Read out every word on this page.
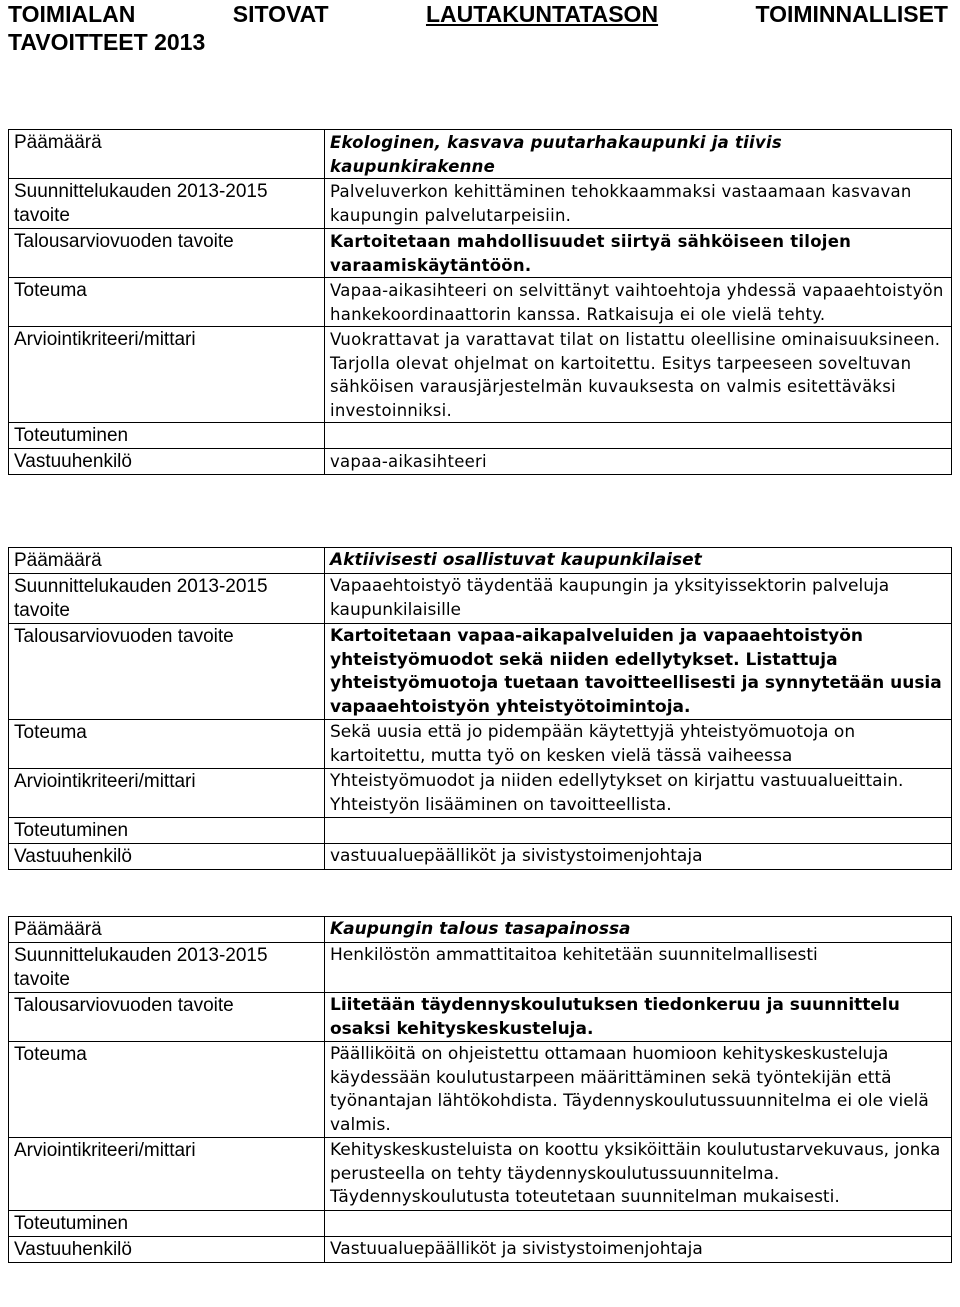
TOIMIALAN	SITOVAT	LAUTAKUNTATASON	TOIMINNALLISET
TAVOITTEET 2013
Päämäärä	Ekologinen, kasvava puutarhakaupunki ja tiivis kaupunkirakenne
Suunnittelukauden 2013-2015 tavoite	Palveluverkon kehittäminen tehokkaammaksi vastaamaan kasvavan kaupungin palvelutarpeisiin.
Talousarviovuoden tavoite	Kartoitetaan mahdollisuudet siirtyä sähköiseen tilojen varaamiskäytäntöön.
Toteuma	Vapaa-aikasihteeri on selvittänyt vaihtoehtoja yhdessä vapaaehtoistyön hankekoordinaattorin kanssa. Ratkaisuja ei ole vielä tehty.
Arviointikriteeri/mittari	Vuokrattavat ja varattavat tilat on listattu oleellisine ominaisuuksineen. Tarjolla olevat ohjelmat on kartoitettu. Esitys tarpeeseen soveltuvan sähköisen varausjärjestelmän kuvauksesta on valmis esitettäväksi investoinniksi.
Toteutuminen	
Vastuuhenkilö	vapaa-aikasihteeri
Päämäärä	Aktiivisesti osallistuvat kaupunkilaiset
Suunnittelukauden 2013-2015 tavoite	Vapaaehtoistyö täydentää kaupungin ja yksityissektorin palveluja kaupunkilaisille
Talousarviovuoden tavoite	Kartoitetaan vapaa-aikapalveluiden ja vapaaehtoistyön yhteistyömuodot sekä niiden edellytykset. Listattuja yhteistyömuotoja tuetaan tavoitteellisesti ja synnytetään uusia vapaaehtoistyön yhteistyötoimintoja.
Toteuma	Sekä uusia että jo pidempään käytettyjä yhteistyömuotoja on kartoitettu, mutta työ on kesken vielä tässä vaiheessa
Arviointikriteeri/mittari	Yhteistyömuodot ja niiden edellytykset on kirjattu vastuualueittain. Yhteistyön lisääminen on tavoitteellista.
Toteutuminen	
Vastuuhenkilö	vastuualuepäälliköt ja sivistystoimenjohtaja
Päämäärä	Kaupungin talous tasapainossa
Suunnittelukauden 2013-2015 tavoite	Henkilöstön ammattitaitoa kehitetään suunnitelmallisesti
Talousarviovuoden tavoite	Liitetään täydennyskoulutuksen tiedonkeruu ja suunnittelu osaksi kehityskeskusteluja.
Toteuma	Päälliköitä on ohjeistettu ottamaan huomioon kehityskeskusteluja käydessään koulutustarpeen määrittäminen sekä työntekijän että työnantajan lähtökohdista. Täydennyskoulutussuunnitelma ei ole vielä valmis.
Arviointikriteeri/mittari	Kehityskeskusteluista on koottu yksiköittäin koulutustarvekuvaus, jonka perusteella on tehty täydennyskoulutussuunnitelma. Täydennyskoulutusta toteutetaan suunnitelman mukaisesti.
Toteutuminen	
Vastuuhenkilö	Vastuualuepäälliköt ja sivistystoimenjohtaja
